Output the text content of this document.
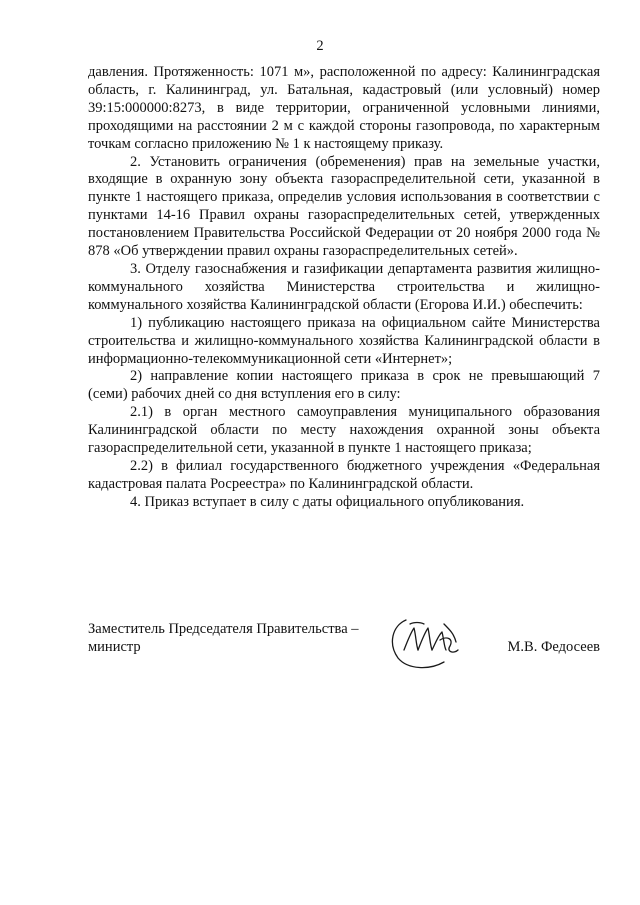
2

давления. Протяженность: 1071 м», расположенной по адресу: Калининградская область, г. Калининград, ул. Батальная, кадастровый (или условный) номер 39:15:000000:8273, в виде территории, ограниченной условными линиями, проходящими на расстоянии 2 м с каждой стороны газопровода, по характерным точкам согласно приложению № 1 к настоящему приказу.

2. Установить ограничения (обременения) прав на земельные участки, входящие в охранную зону объекта газораспределительной сети, указанной в пункте 1 настоящего приказа, определив условия использования в соответствии с пунктами 14-16 Правил охраны газораспределительных сетей, утвержденных постановлением Правительства Российской Федерации от 20 ноября 2000 года № 878 «Об утверждении правил охраны газораспределительных сетей».

3. Отделу газоснабжения и газификации департамента развития жилищно-коммунального хозяйства Министерства строительства и жилищно-коммунального хозяйства Калининградской области (Егорова И.И.) обеспечить:

1) публикацию настоящего приказа на официальном сайте Министерства строительства и жилищно-коммунального хозяйства Калининградской области в информационно-телекоммуникационной сети «Интернет»;

2) направление копии настоящего приказа в срок не превышающий 7 (семи) рабочих дней со дня вступления его в силу:

2.1) в орган местного самоуправления муниципального образования Калининградской области по месту нахождения охранной зоны объекта газораспределительной сети, указанной в пункте 1 настоящего приказа;

2.2) в филиал государственного бюджетного учреждения «Федеральная кадастровая палата Росреестра» по Калининградской области.

4. Приказ вступает в силу с даты официального опубликования.

Заместитель Председателя Правительства –
министр	М.В. Федосеев
